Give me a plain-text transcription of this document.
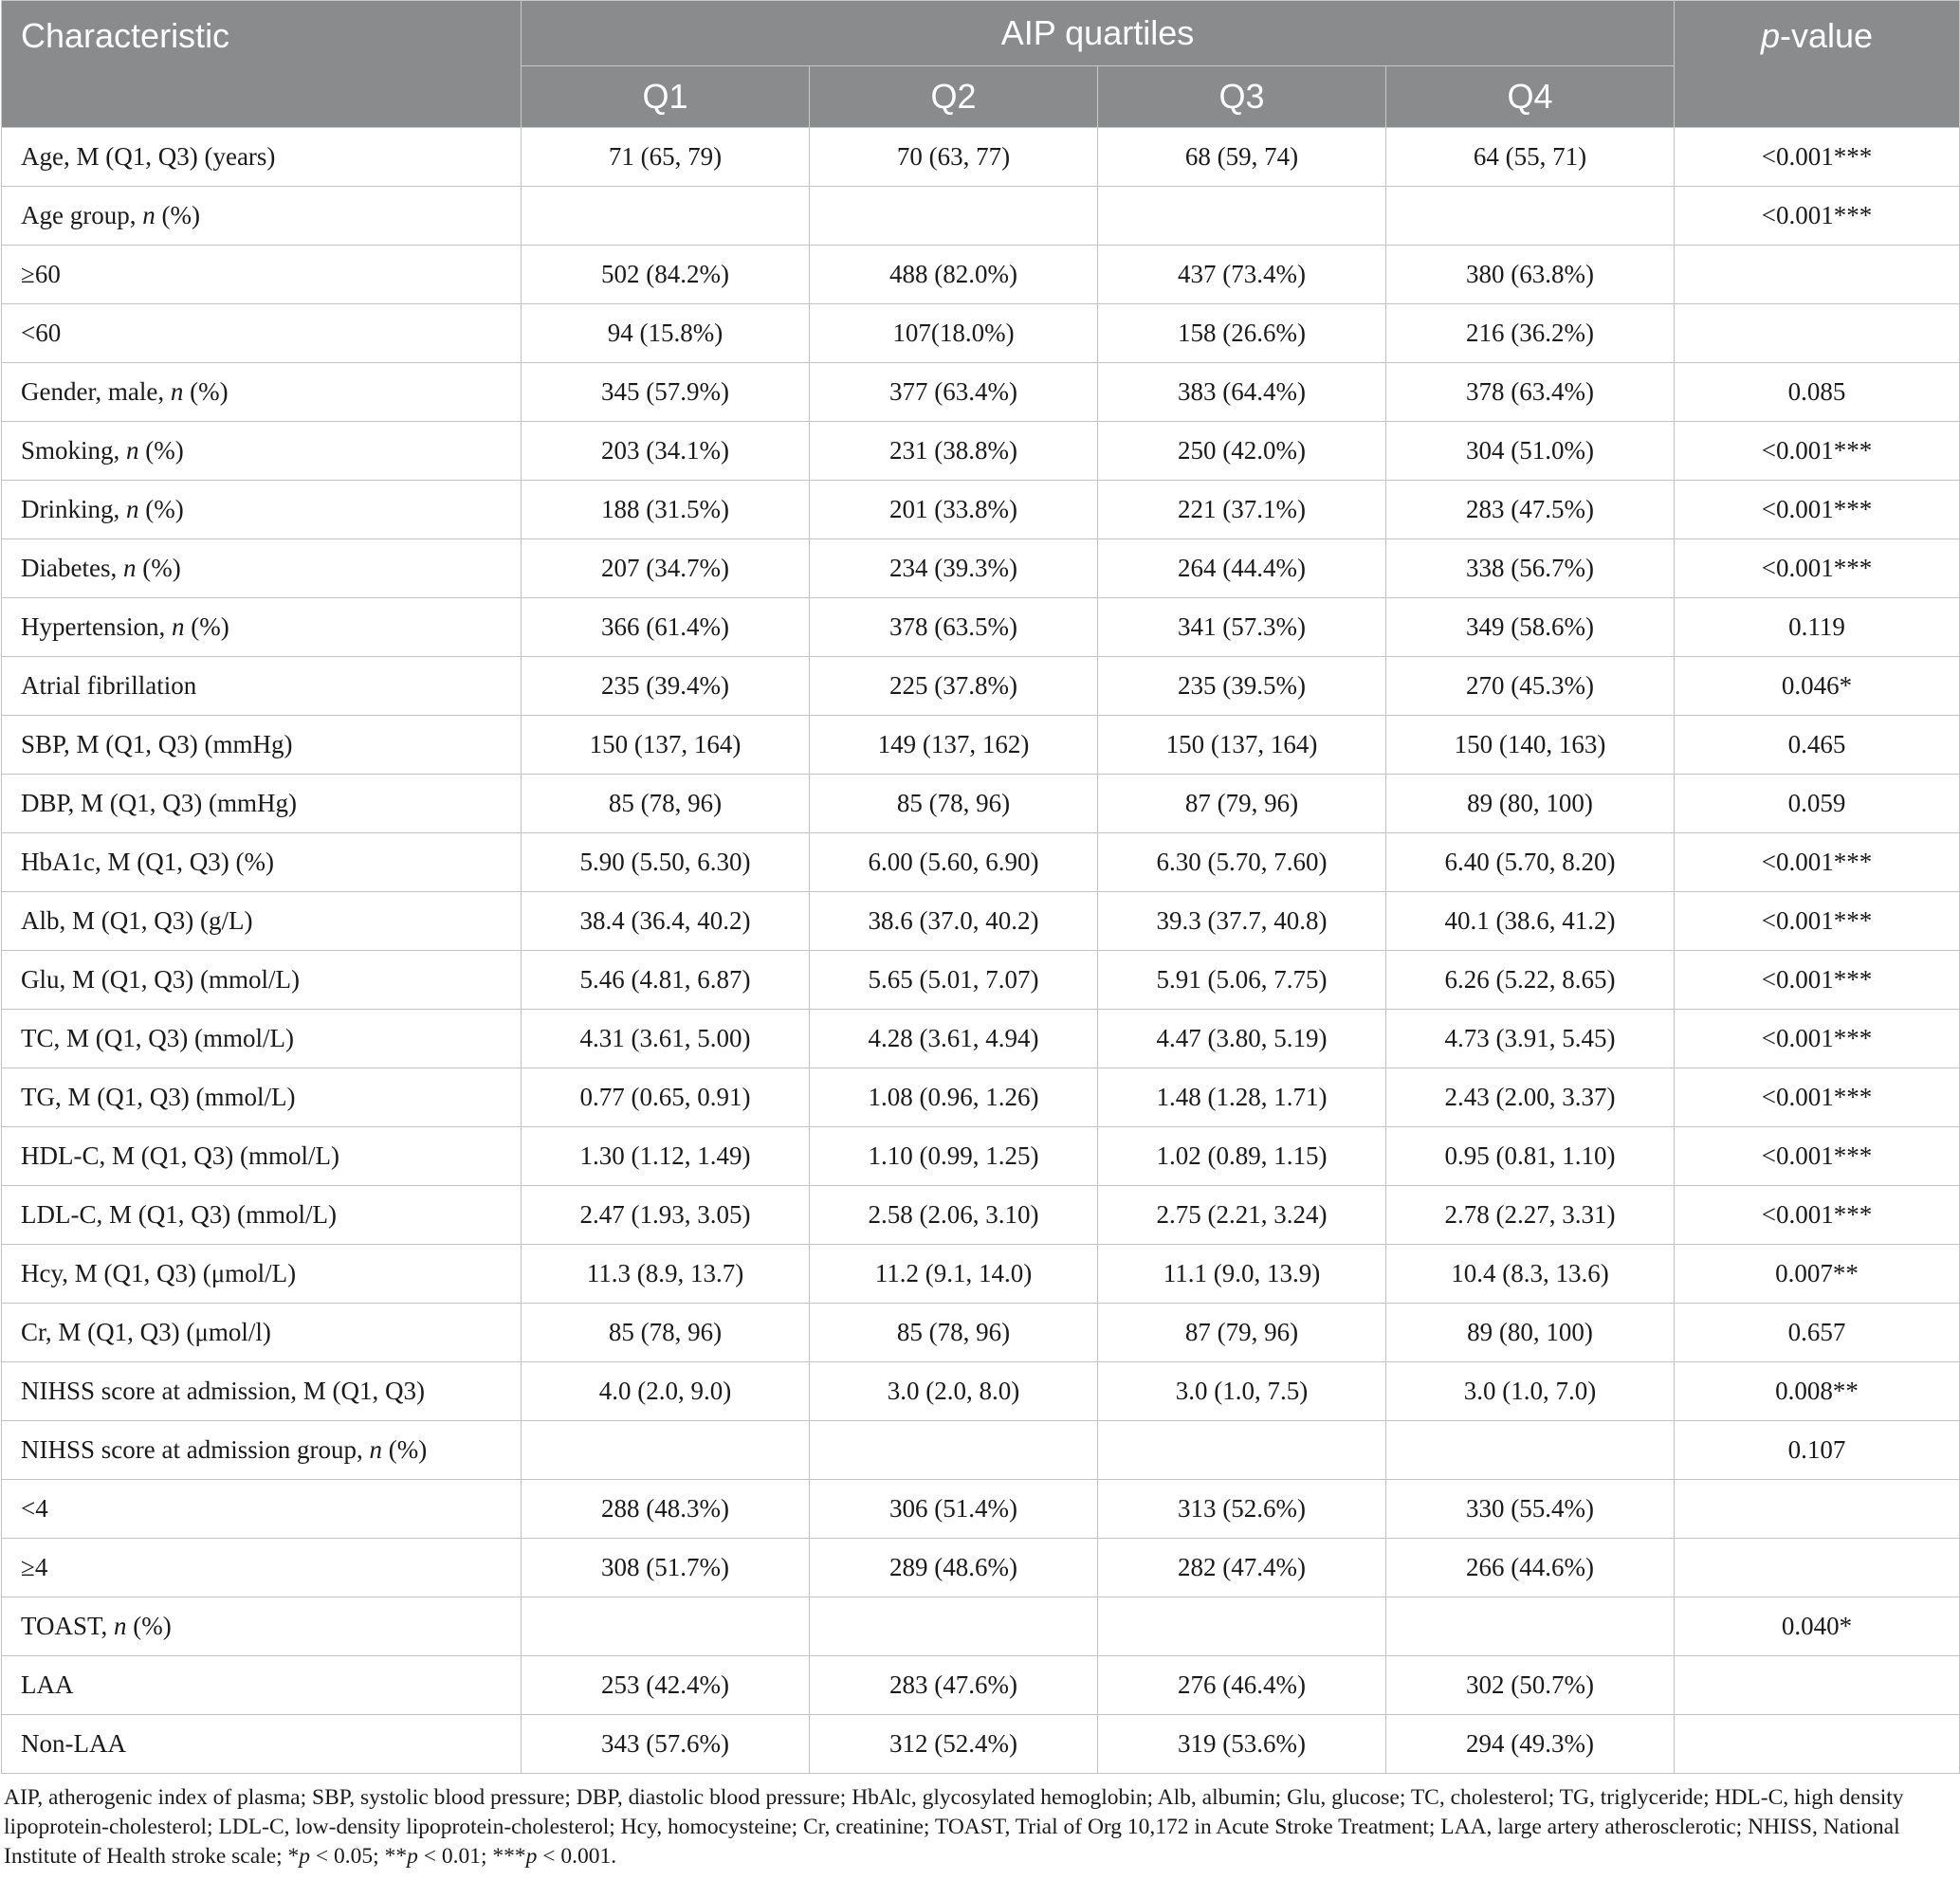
Characteristic	AIP quartiles				p-value
	Q1	Q2	Q3	Q4	
Age, M (Q1, Q3) (years)	71 (65, 79)	70 (63, 77)	68 (59, 74)	64 (55, 71)	<0.001***
Age group, n (%)					<0.001***
≥60	502 (84.2%)	488 (82.0%)	437 (73.4%)	380 (63.8%)	
<60	94 (15.8%)	107(18.0%)	158 (26.6%)	216 (36.2%)	
Gender, male, n (%)	345 (57.9%)	377 (63.4%)	383 (64.4%)	378 (63.4%)	0.085
Smoking, n (%)	203 (34.1%)	231 (38.8%)	250 (42.0%)	304 (51.0%)	<0.001***
Drinking, n (%)	188 (31.5%)	201 (33.8%)	221 (37.1%)	283 (47.5%)	<0.001***
Diabetes, n (%)	207 (34.7%)	234 (39.3%)	264 (44.4%)	338 (56.7%)	<0.001***
Hypertension, n (%)	366 (61.4%)	378 (63.5%)	341 (57.3%)	349 (58.6%)	0.119
Atrial fibrillation	235 (39.4%)	225 (37.8%)	235 (39.5%)	270 (45.3%)	0.046*
SBP, M (Q1, Q3) (mmHg)	150 (137, 164)	149 (137, 162)	150 (137, 164)	150 (140, 163)	0.465
DBP, M (Q1, Q3) (mmHg)	85 (78, 96)	85 (78, 96)	87 (79, 96)	89 (80, 100)	0.059
HbA1c, M (Q1, Q3) (%)	5.90 (5.50, 6.30)	6.00 (5.60, 6.90)	6.30 (5.70, 7.60)	6.40 (5.70, 8.20)	<0.001***
Alb, M (Q1, Q3) (g/L)	38.4 (36.4, 40.2)	38.6 (37.0, 40.2)	39.3 (37.7, 40.8)	40.1 (38.6, 41.2)	<0.001***
Glu, M (Q1, Q3) (mmol/L)	5.46 (4.81, 6.87)	5.65 (5.01, 7.07)	5.91 (5.06, 7.75)	6.26 (5.22, 8.65)	<0.001***
TC, M (Q1, Q3) (mmol/L)	4.31 (3.61, 5.00)	4.28 (3.61, 4.94)	4.47 (3.80, 5.19)	4.73 (3.91, 5.45)	<0.001***
TG, M (Q1, Q3) (mmol/L)	0.77 (0.65, 0.91)	1.08 (0.96, 1.26)	1.48 (1.28, 1.71)	2.43 (2.00, 3.37)	<0.001***
HDL-C, M (Q1, Q3) (mmol/L)	1.30 (1.12, 1.49)	1.10 (0.99, 1.25)	1.02 (0.89, 1.15)	0.95 (0.81, 1.10)	<0.001***
LDL-C, M (Q1, Q3) (mmol/L)	2.47 (1.93, 3.05)	2.58 (2.06, 3.10)	2.75 (2.21, 3.24)	2.78 (2.27, 3.31)	<0.001***
Hcy, M (Q1, Q3) (μmol/L)	11.3 (8.9, 13.7)	11.2 (9.1, 14.0)	11.1 (9.0, 13.9)	10.4 (8.3, 13.6)	0.007**
Cr, M (Q1, Q3) (μmol/l)	85 (78, 96)	85 (78, 96)	87 (79, 96)	89 (80, 100)	0.657
NIHSS score at admission, M (Q1, Q3)	4.0 (2.0, 9.0)	3.0 (2.0, 8.0)	3.0 (1.0, 7.5)	3.0 (1.0, 7.0)	0.008**
NIHSS score at admission group, n (%)					0.107
<4	288 (48.3%)	306 (51.4%)	313 (52.6%)	330 (55.4%)	
≥4	308 (51.7%)	289 (48.6%)	282 (47.4%)	266 (44.6%)	
TOAST, n (%)					0.040*
LAA	253 (42.4%)	283 (47.6%)	276 (46.4%)	302 (50.7%)	
Non-LAA	343 (57.6%)	312 (52.4%)	319 (53.6%)	294 (49.3%)	
AIP, atherogenic index of plasma; SBP, systolic blood pressure; DBP, diastolic blood pressure; HbAlc, glycosylated hemoglobin; Alb, albumin; Glu, glucose; TC, cholesterol; TG, triglyceride; HDL-C, high density lipoprotein-cholesterol; LDL-C, low-density lipoprotein-cholesterol; Hcy, homocysteine; Cr, creatinine; TOAST, Trial of Org 10,172 in Acute Stroke Treatment; LAA, large artery atherosclerotic; NHISS, National Institute of Health stroke scale; *p < 0.05; **p < 0.01; ***p < 0.001.
